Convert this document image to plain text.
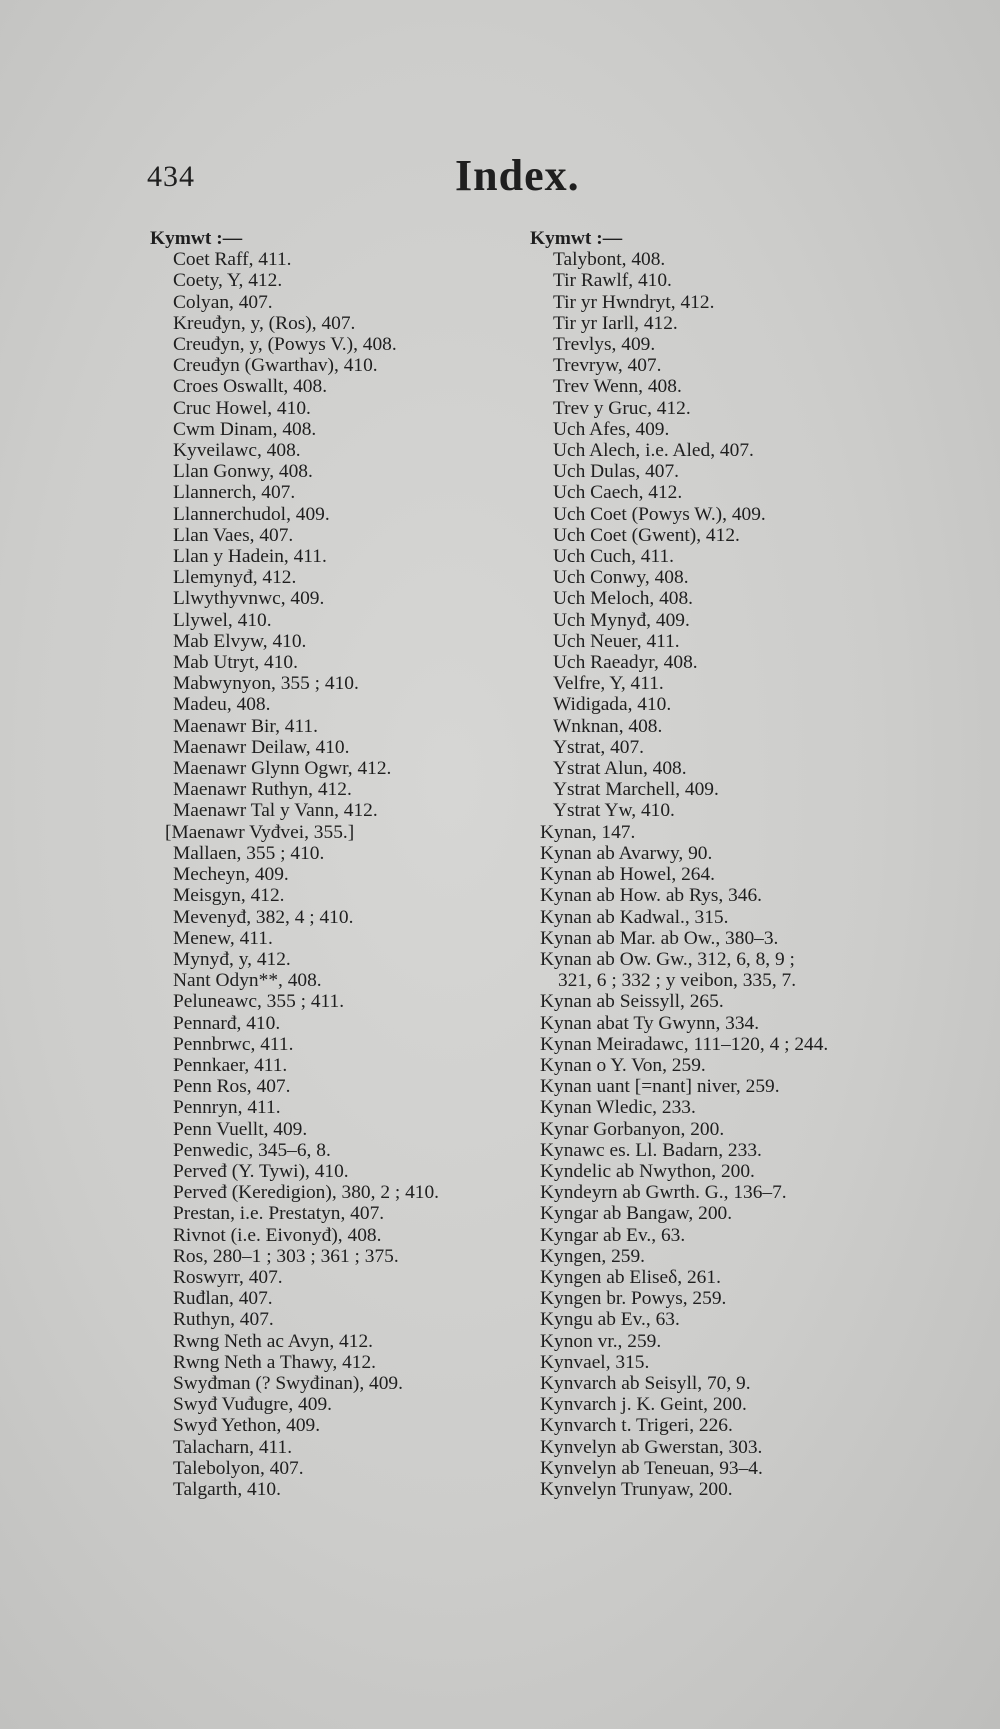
434	Index.
Kymwt :—
Coet Raff, 411.
Coety, Y, 412.
Colyan, 407.
Kreuđyn, y, (Ros), 407.
Creuđyn, y, (Powys V.), 408.
Creuđyn (Gwarthav), 410.
Croes Oswallt, 408.
Cruc Howel, 410.
Cwm Dinam, 408.
Kyveilawc, 408.
Llan Gonwy, 408.
Llannerch, 407.
Llannerchudol, 409.
Llan Vaes, 407.
Llan y Hadein, 411.
Llemynyđ, 412.
Llwythyvnwc, 409.
Llywel, 410.
Mab Elvyw, 410.
Mab Utryt, 410.
Mabwynyon, 355 ; 410.
Madeu, 408.
Maenawr Bir, 411.
Maenawr Deilaw, 410.
Maenawr Glynn Ogwr, 412.
Maenawr Ruthyn, 412.
Maenawr Tal y Vann, 412.
[Maenawr Vyđvei, 355.]
Mallaen, 355 ; 410.
Mecheyn, 409.
Meisgyn, 412.
Mevenyđ, 382, 4 ; 410.
Menew, 411.
Mynyđ, y, 412.
Nant Odyn**, 408.
Peluneawc, 355 ; 411.
Pennarđ, 410.
Pennbrwc, 411.
Pennkaer, 411.
Penn Ros, 407.
Pennryn, 411.
Penn Vuellt, 409.
Penwedic, 345–6, 8.
Perveđ (Y. Tywi), 410.
Perveđ (Keredigion), 380, 2 ; 410.
Prestan, i.e. Prestatyn, 407.
Rivnot (i.e. Eivonyđ), 408.
Ros, 280–1 ; 303 ; 361 ; 375.
Roswyrr, 407.
Ruđlan, 407.
Ruthyn, 407.
Rwng Neth ac Avyn, 412.
Rwng Neth a Thawy, 412.
Swyđman (? Swyđinan), 409.
Swyđ Vuđugre, 409.
Swyđ Yethon, 409.
Talacharn, 411.
Talebolyon, 407.
Talgarth, 410.
Kymwt :—
Talybont, 408.
Tir Rawlf, 410.
Tir yr Hwndryt, 412.
Tir yr Iarll, 412.
Trevlys, 409.
Trevryw, 407.
Trev Wenn, 408.
Trev y Gruc, 412.
Uch Afes, 409.
Uch Alech, i.e. Aled, 407.
Uch Dulas, 407.
Uch Caech, 412.
Uch Coet (Powys W.), 409.
Uch Coet (Gwent), 412.
Uch Cuch, 411.
Uch Conwy, 408.
Uch Meloch, 408.
Uch Mynyđ, 409.
Uch Neuer, 411.
Uch Raeadyr, 408.
Velfre, Y, 411.
Widigada, 410.
Wnknan, 408.
Ystrat, 407.
Ystrat Alun, 408.
Ystrat Marchell, 409.
Ystrat Yw, 410.
Kynan, 147.
Kynan ab Avarwy, 90.
Kynan ab Howel, 264.
Kynan ab How. ab Rys, 346.
Kynan ab Kadwal., 315.
Kynan ab Mar. ab Ow., 380–3.
Kynan ab Ow. Gw., 312, 6, 8, 9 ;
321, 6 ; 332 ; y veibon, 335, 7.
Kynan ab Seissyll, 265.
Kynan abat Ty Gwynn, 334.
Kynan Meiradawc, 111–120, 4 ; 244.
Kynan o Y. Von, 259.
Kynan uant [=nant] niver, 259.
Kynan Wledic, 233.
Kynar Gorbanyon, 200.
Kynawc es. Ll. Badarn, 233.
Kyndelic ab Nwython, 200.
Kyndeyrn ab Gwrth. G., 136–7.
Kyngar ab Bangaw, 200.
Kyngar ab Ev., 63.
Kyngen, 259.
Kyngen ab Eliseδ, 261.
Kyngen br. Powys, 259.
Kyngu ab Ev., 63.
Kynon vr., 259.
Kynvael, 315.
Kynvarch ab Seisyll, 70, 9.
Kynvarch j. K. Geint, 200.
Kynvarch t. Trigeri, 226.
Kynvelyn ab Gwerstan, 303.
Kynvelyn ab Teneuan, 93–4.
Kynvelyn Trunyaw, 200.
